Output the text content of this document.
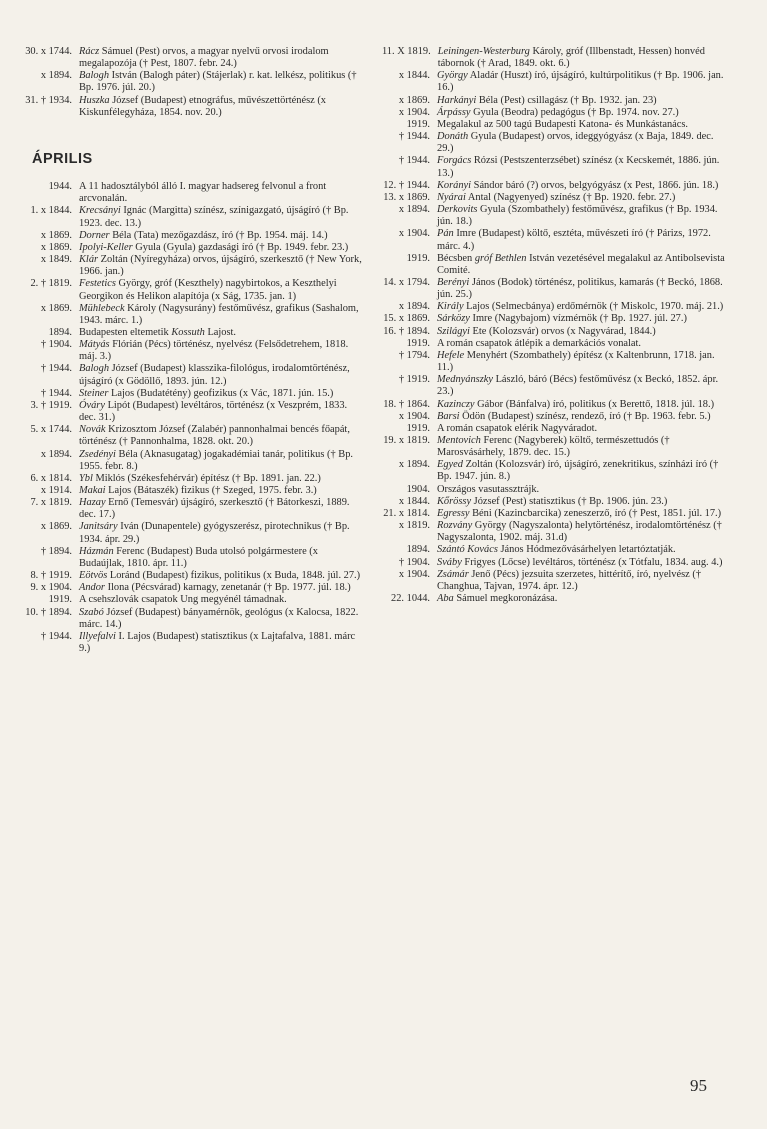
30. x 1744. Rácz Sámuel (Pest) orvos, a magyar nyelvű orvosi irodalom megalapozója († Pest, 1807. febr. 24.)
x 1894. Balogh István (Balogh páter) (Stájerlak) r. kat. lelkész, politikus († Bp. 1976. júl. 20.)
31. † 1934. Huszka József (Budapest) etnográfus, művészettörténész (x Kiskunfélegyháza, 1854. nov. 20.)
ÁPRILIS
1944. A 11 hadosztályból álló I. magyar hadsereg felvonul a front arcvonalán.
1. x 1844. Krecsányi Ignác (Margitta) színész, színigazgató, újságíró († Bp. 1923. dec. 13.)
x 1869. Dorner Béla (Tata) mezőgazdász, író († Bp. 1954. máj. 14.)
x 1869. Ipolyi-Keller Gyula (Gyula) gazdasági író († Bp. 1949. febr. 23.)
x 1849. Klár Zoltán (Nyíregyháza) orvos, újságíró, szerkesztő († New York, 1966. jan.)
2. † 1819. Festetics György, gróf (Keszthely) nagybirtokos, a Keszthelyi Georgikon és Helikon alapítója (x Ság, 1735. jan. 1)
x 1869. Mühlebeck Károly (Nagysurány) festőművész, grafikus (Sashalom, 1943. márc. 1.)
1894. Budapesten eltemetik Kossuth Lajost.
† 1904. Mátyás Flórián (Pécs) történész, nyelvész (Felsődetrehem, 1818. máj. 3.)
† 1944. Balogh József (Budapest) klasszika-filológus, irodalomtörténész, újságíró (x Gödöllő, 1893. jún. 12.)
† 1944. Steiner Lajos (Budatétény) geofizikus (x Vác, 1871. jún. 15.)
3. † 1919. Óváry Lipót (Budapest) levéltáros, történész (x Veszprém, 1833. dec. 31.)
5. x 1744. Novák Krizosztom József (Zalabér) pannonhalmai bencés főapát, történész († Pannonhalma, 1828. okt. 20.)
x 1894. Zsedényi Béla (Aknasugatag) jogakadémiai tanár, politikus († Bp. 1955. febr. 8.)
6. x 1814. Ybl Miklós (Székesfehérvár) építész († Bp. 1891. jan. 22.)
x 1914. Makai Lajos (Bátaszék) fizikus († Szeged, 1975. febr. 3.)
7. x 1819. Hazay Ernő (Temesvár) újságíró, szerkesztő († Bátorkeszi, 1889. dec. 17.)
x 1869. Janitsáry Iván (Dunapentele) gyógyszerész, pirotechnikus († Bp. 1934. ápr. 29.)
† 1894. Házmán Ferenc (Budapest) Buda utolsó polgármestere (x Budaújlak, 1810. ápr. 11.)
8. † 1919. Eötvös Loránd (Budapest) fizikus, politikus (x Buda, 1848. júl. 27.)
9. x 1904. Andor Ilona (Pécsvárad) karnagy, zenetanár († Bp. 1977. júl. 18.)
1919. A csehszlovák csapatok Ung megyénél támadnak.
10. † 1894. Szabó József (Budapest) bányamérnök, geológus (x Kalocsa, 1822. márc. 14.)
† 1944. Illyefalvi I. Lajos (Budapest) statisztikus (x Lajtafalva, 1881. márc 9.)
11. X 1819. Leiningen-Westerburg Károly, gróf (Illbenstadt, Hessen) honvéd tábornok († Arad, 1849. okt. 6.)
x 1844. György Aladár (Huszt) író, újságíró, kultúrpolitikus († Bp. 1906. jan. 16.)
x 1869. Harkányi Béla (Pest) csillagász († Bp. 1932. jan. 23)
x 1904. Árpássy Gyula (Beodra) pedagógus († Bp. 1974. nov. 27.)
1919. Megalakul az 500 tagú Budapesti Katona- és Munkástanács.
† 1944. Donáth Gyula (Budapest) orvos, ideggyógyász (x Baja, 1849. dec. 29.)
† 1944. Forgács Rózsi (Pestszenterzsébet) színész (x Kecskemét, 1886. jún. 13.)
12. † 1944. Korányi Sándor báró (?) orvos, belgyógyász (x Pest, 1866. jún. 18.)
13. x 1869. Nyárai Antal (Nagyenyed) színész († Bp. 1920. febr. 27.)
x 1894. Derkovits Gyula (Szombathely) festőművész, grafikus († Bp. 1934. jún. 18.)
x 1904. Pán Imre (Budapest) költő, esztéta, művészeti író († Párizs, 1972. márc. 4.)
1919. Bécsben gróf Bethlen István vezetésével megalakul az Antibolsevista Comité.
14. x 1794. Berényi János (Bodok) történész, politikus, kamarás († Beckó, 1868. jún. 25.)
x 1894. Király Lajos (Selmecbánya) erdőmérnök († Miskolc, 1970. máj. 21.)
15. x 1869. Sárközy Imre (Nagybajom) vízmérnök († Bp. 1927. júl. 27.)
16. † 1894. Szilágyi Ete (Kolozsvár) orvos (x Nagyvárad, 1844.)
1919. A román csapatok átlépik a demarkációs vonalat.
† 1794. Hefele Menyhért (Szombathely) építész (x Kaltenbrunn, 1718. jan. 11.)
† 1919. Mednyánszky László, báró (Bécs) festőművész (x Beckó, 1852. ápr. 23.)
18. † 1864. Kazinczy Gábor (Bánfalva) író, politikus (x Berettő, 1818. júl. 18.)
x 1904. Barsi Ödön (Budapest) színész, rendező, író († Bp. 1963. febr. 5.)
1919. A román csapatok elérik Nagyváradot.
19. x 1819. Mentovich Ferenc (Nagyberek) költő, természettudós († Marosvásárhely, 1879. dec. 15.)
x 1894. Egyed Zoltán (Kolozsvár) író, újságíró, zenekritikus, színházi író († Bp. 1947. jún. 8.)
1904. Országos vasutassztrájk.
x 1844. Kőrössy József (Pest) statisztikus († Bp. 1906. jún. 23.)
21. x 1814. Egressy Béni (Kazincbarcika) zeneszerző, író († Pest, 1851. júl. 17.)
x 1819. Rozvány György (Nagyszalonta) helytörténész, irodalomtörténész († Nagyszalonta, 1902. máj. 31.d)
1894. Szántó Kovács János Hódmezővásárhelyen letartóztatják.
† 1904. Sváby Frigyes (Lőcse) levéltáros, történész (x Tótfalu, 1834. aug. 4.)
x 1904. Zsámár Jenő (Pécs) jezsuita szerzetes, hittérítő, író, nyelvész († Changhua, Tajvan, 1974. ápr. 12.)
22. 1044. Aba Sámuel megkoronázása.
95
